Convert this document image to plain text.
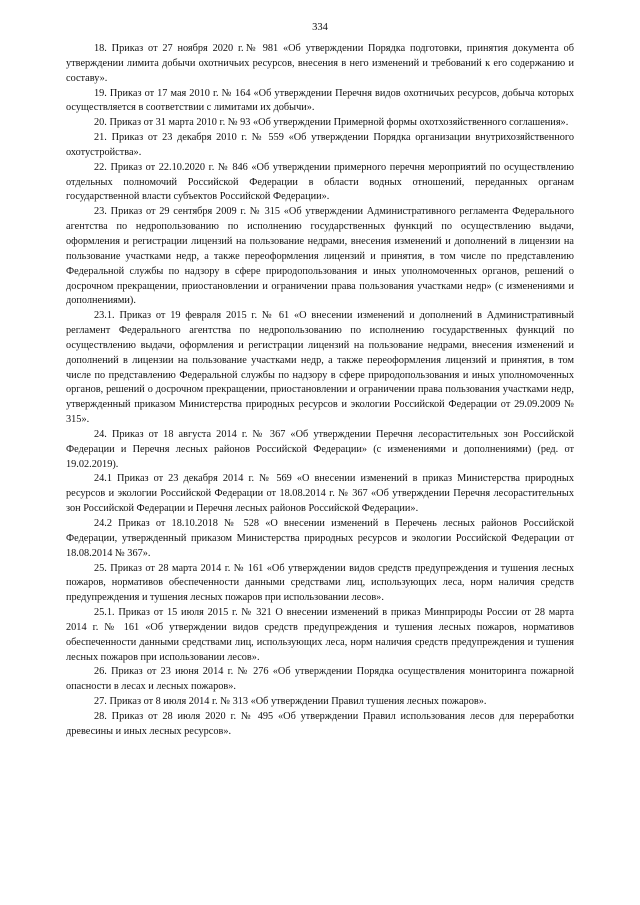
334

18. Приказ от 27 ноября 2020 г.№ 981 «Об утверждении Порядка подготовки, принятия документа об утверждении лимита добычи охотничьих ресурсов, внесения в него изменений и требований к его содержанию и составу».

19. Приказ от 17 мая 2010 г. № 164 «Об утверждении Перечня видов охотничьих ресурсов, добыча которых осуществляется в соответствии с лимитами их добычи».

20. Приказ от 31 марта 2010 г. № 93 «Об утверждении Примерной формы охотхозяйственного соглашения».

21. Приказ от 23 декабря 2010 г. № 559 «Об утверждении Порядка организации внутрихозяйственного охотустройства».

22. Приказ от 22.10.2020 г. № 846 «Об утверждении примерного перечня мероприятий по осуществлению отдельных полномочий Российской Федерации в области водных отношений, переданных органам государственной власти субъектов Российской Федерации».

23. Приказ от 29 сентября 2009 г. № 315 «Об утверждении Административного регламента Федерального агентства по недропользованию по исполнению государственных функций по осуществлению выдачи, оформления и регистрации лицензий на пользование недрами, внесения изменений и дополнений в лицензии на пользование участками недр, а также переоформления лицензий и принятия, в том числе по представлению Федеральной службы по надзору в сфере природопользования и иных уполномоченных органов, решений о досрочном прекращении, приостановлении и ограничении права пользования участками недр» (с изменениями и дополнениями).

23.1. Приказ от 19 февраля 2015 г. № 61 «О внесении изменений и дополнений в Административный регламент Федерального агентства по недропользованию по исполнению государственных функций по осуществлению выдачи, оформления и регистрации лицензий на пользование недрами, внесения изменений и дополнений в лицензии на пользование участками недр, а также переоформления лицензий и принятия, в том числе по представлению Федеральной службы по надзору в сфере природопользования и иных уполномоченных органов, решений о досрочном прекращении, приостановлении и ограничении права пользования участками недр, утвержденный приказом Министерства природных ресурсов и экологии Российской Федерации от 29.09.2009 № 315».

24. Приказ от 18 августа 2014 г. № 367 «Об утверждении Перечня лесорастительных зон Российской Федерации и Перечня лесных районов Российской Федерации» (с изменениями и дополнениями) (ред. от 19.02.2019).

24.1 Приказ от 23 декабря 2014 г. № 569 «О внесении изменений в приказ Министерства природных ресурсов и экологии Российской Федерации от 18.08.2014 г. № 367 «Об утверждении Перечня лесорастительных зон Российской Федерации и Перечня лесных районов Российской Федерации».

24.2 Приказ от 18.10.2018 № 528 «О внесении изменений в Перечень лесных районов Российской Федерации, утвержденный приказом Министерства природных ресурсов и экологии Российской Федерации от 18.08.2014 № 367».

25. Приказ от 28 марта 2014 г. № 161 «Об утверждении видов средств предупреждения и тушения лесных пожаров, нормативов обеспеченности данными средствами лиц, использующих леса, норм наличия средств предупреждения и тушения лесных пожаров при использовании лесов».

25.1. Приказ от 15 июля 2015 г. № 321 О внесении изменений в приказ Минприроды России от 28 марта 2014 г. № 161 «Об утверждении видов средств предупреждения и тушения лесных пожаров, нормативов обеспеченности данными средствами лиц, использующих леса, норм наличия средств предупреждения и тушения лесных пожаров при использовании лесов».

26. Приказ от 23 июня 2014 г. № 276 «Об утверждении Порядка осуществления мониторинга пожарной опасности в лесах и лесных пожаров».

27. Приказ от 8 июля 2014 г. № 313 «Об утверждении Правил тушения лесных пожаров».

28. Приказ от 28 июля 2020 г. № 495 «Об утверждении Правил использования лесов для переработки древесины и иных лесных ресурсов».
